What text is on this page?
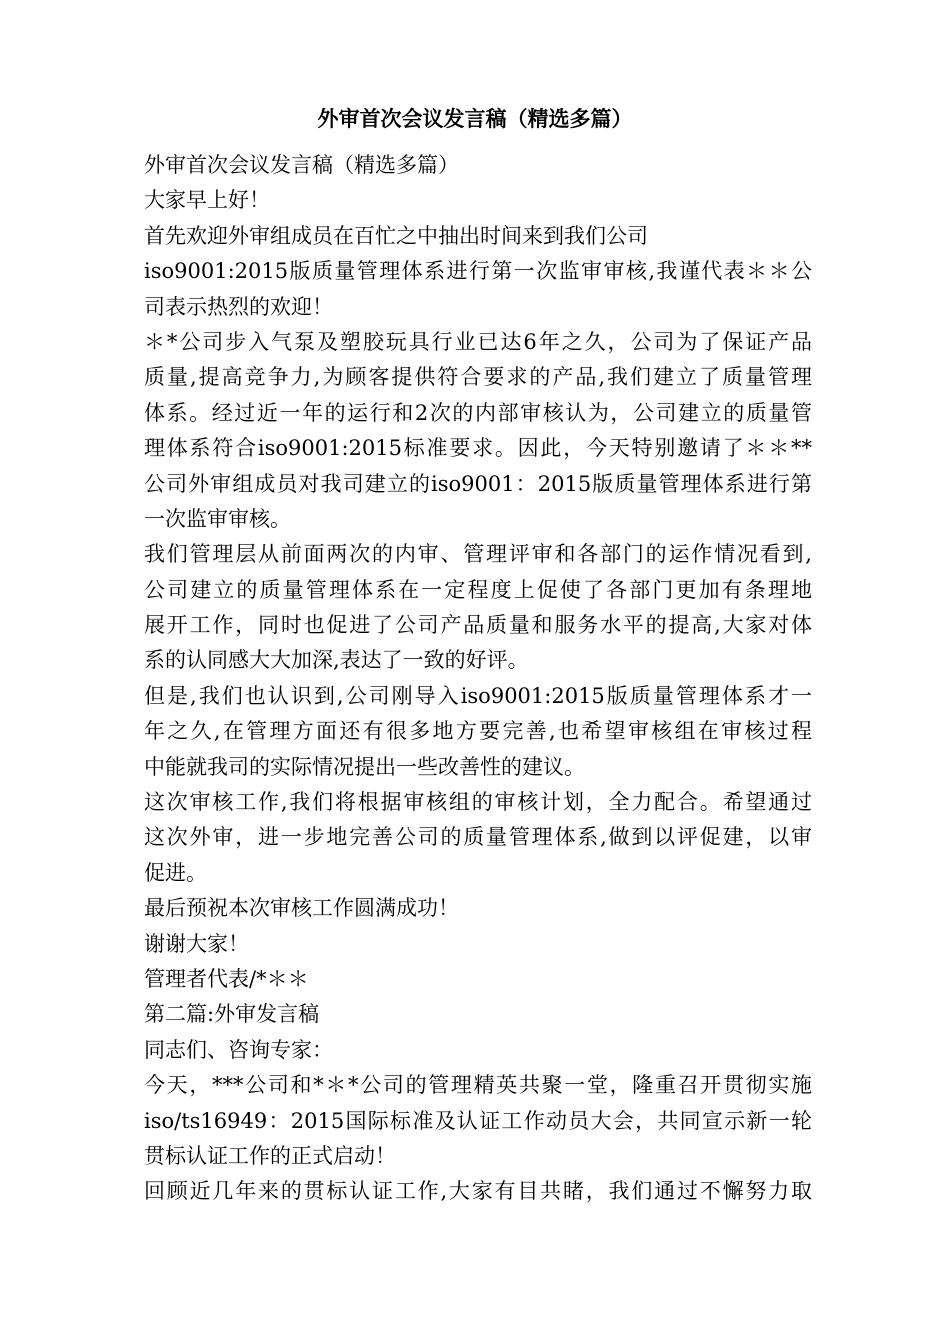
外审首次会议发言稿（精选多篇）
外审首次会议发言稿（精选多篇）
大家早上好！
首先欢迎外审组成员在百忙之中抽出时间来到我们公司
iso9001:2015版质量管理体系进行第一次监审审核,我谨代表＊＊公
司表示热烈的欢迎！
＊*公司步入气泵及塑胶玩具行业已达6年之久，公司为了保证产品
质量,提高竞争力,为顾客提供符合要求的产品,我们建立了质量管理
体系。经过近一年的运行和2次的内部审核认为，公司建立的质量管
理体系符合iso9001:2015标准要求。因此，今天特别邀请了＊＊**
公司外审组成员对我司建立的iso9001：2015版质量管理体系进行第
一次监审审核。
我们管理层从前面两次的内审、管理评审和各部门的运作情况看到,
公司建立的质量管理体系在一定程度上促使了各部门更加有条理地
展开工作，同时也促进了公司产品质量和服务水平的提高,大家对体
系的认同感大大加深,表达了一致的好评。
但是,我们也认识到,公司刚导入iso9001:2015版质量管理体系才一
年之久,在管理方面还有很多地方要完善,也希望审核组在审核过程
中能就我司的实际情况提出一些改善性的建议。
这次审核工作,我们将根据审核组的审核计划，全力配合。希望通过
这次外审，进一步地完善公司的质量管理体系,做到以评促建，以审
促进。
最后预祝本次审核工作圆满成功！
谢谢大家！
管理者代表/*＊＊
第二篇:外审发言稿
同志们、咨询专家：
今天，***公司和*＊*公司的管理精英共聚一堂，隆重召开贯彻实施
iso/ts16949：2015国际标准及认证工作动员大会，共同宣示新一轮
贯标认证工作的正式启动！
回顾近几年来的贯标认证工作,大家有目共睹，我们通过不懈努力取
